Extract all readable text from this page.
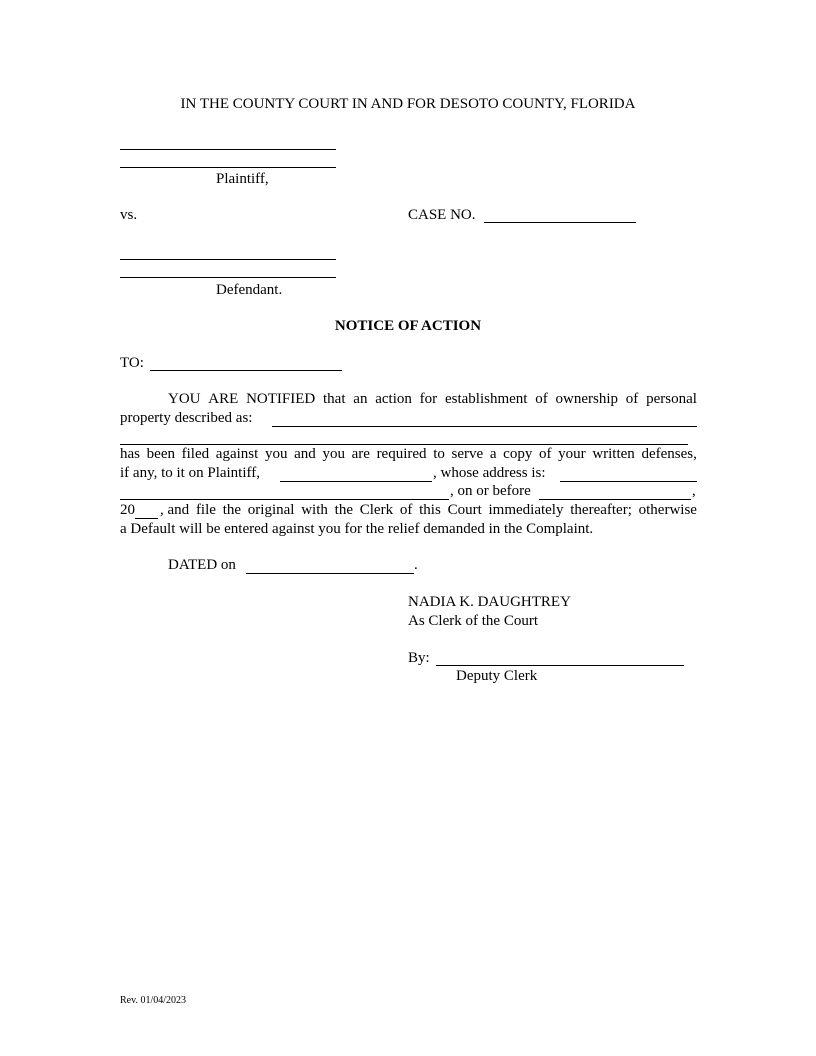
IN THE COUNTY COURT IN AND FOR DESOTO COUNTY, FLORIDA
Plaintiff,
vs.	CASE NO.
Defendant.
NOTICE OF ACTION
TO:
YOU ARE NOTIFIED that an action for establishment of ownership of personal
property described as:
has been filed against you and you are required to serve a copy of your written defenses,
if any, to it on Plaintiff,	, whose address is:
, on or before	,
20 , and file the original with the Clerk of this Court immediately thereafter; otherwise
a Default will be entered against you for the relief demanded in the Complaint.
DATED on	.
NADIA K. DAUGHTREY
As Clerk of the Court
By:
Deputy Clerk
Rev. 01/04/2023
